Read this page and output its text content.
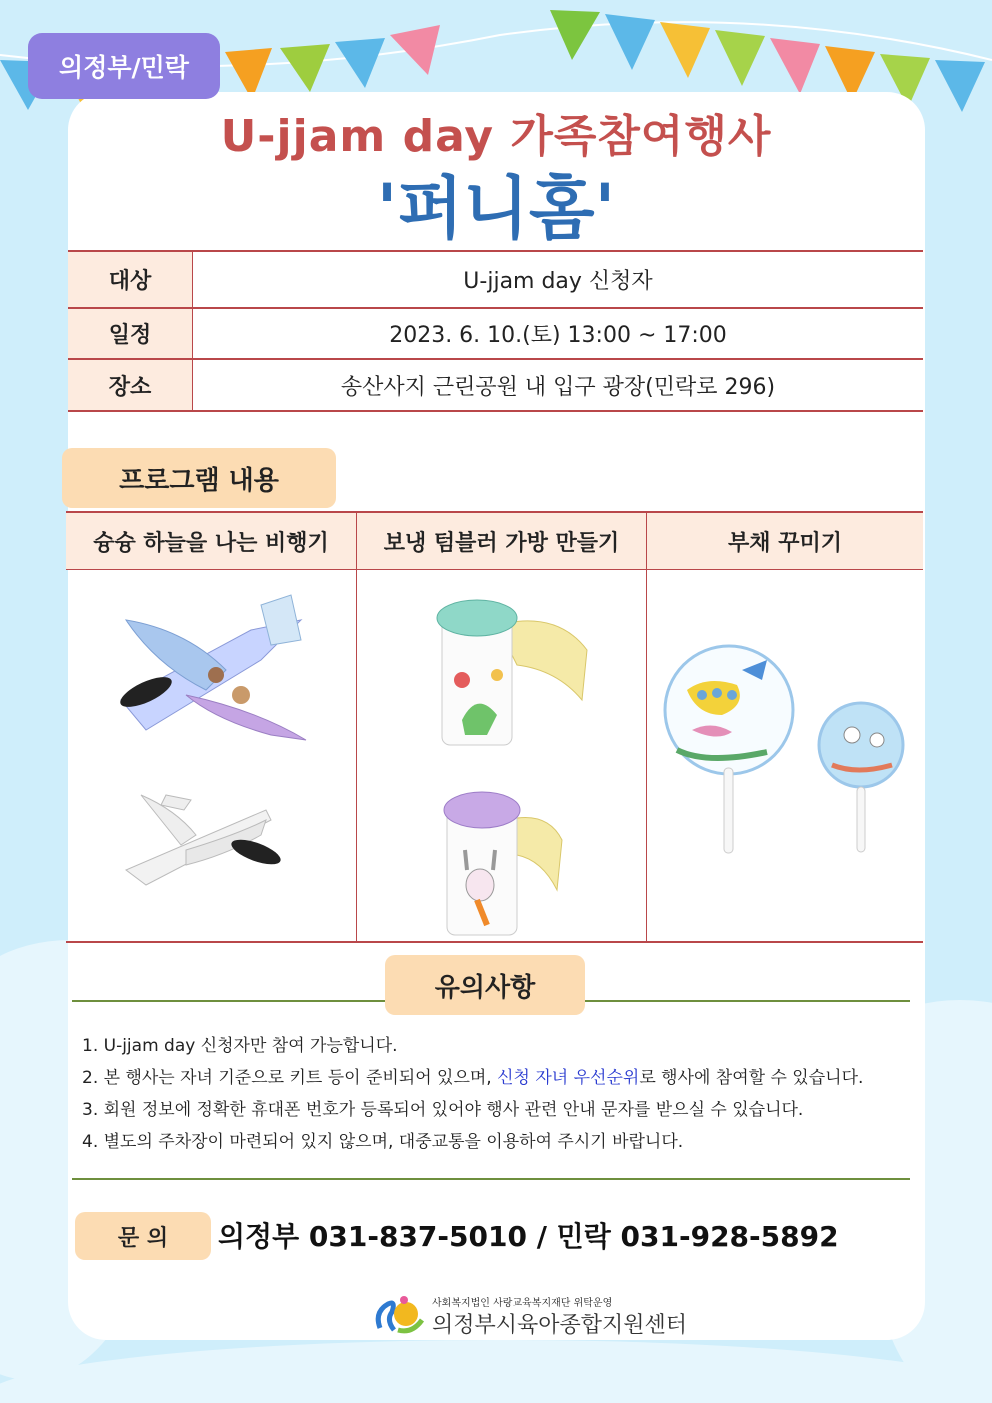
의정부/민락
U-jjam day 가족참여행사
'퍼니홈'
대상	U-jjam day 신청자
일정	2023. 6. 10.(토) 13:00 ~ 17:00
장소	송산사지 근린공원 내 입구 광장(민락로 296)
프로그램 내용
슝슝 하늘을 나는 비행기	보냉 텀블러 가방 만들기	부채 꾸미기
유의사항
1. U-jjam day 신청자만 참여 가능합니다.
2. 본 행사는 자녀 기준으로 키트 등이 준비되어 있으며, 신청 자녀 우선순위로 행사에 참여할 수 있습니다.
3. 회원 정보에 정확한 휴대폰 번호가 등록되어 있어야 행사 관련 안내 문자를 받으실 수 있습니다.
4. 별도의 주차장이 마련되어 있지 않으며, 대중교통을 이용하여 주시기 바랍니다.
문 의	의정부 031-837-5010 / 민락 031-928-5892
사회복지법인 사랑교육복지재단 위탁운영
의정부시육아종합지원센터
